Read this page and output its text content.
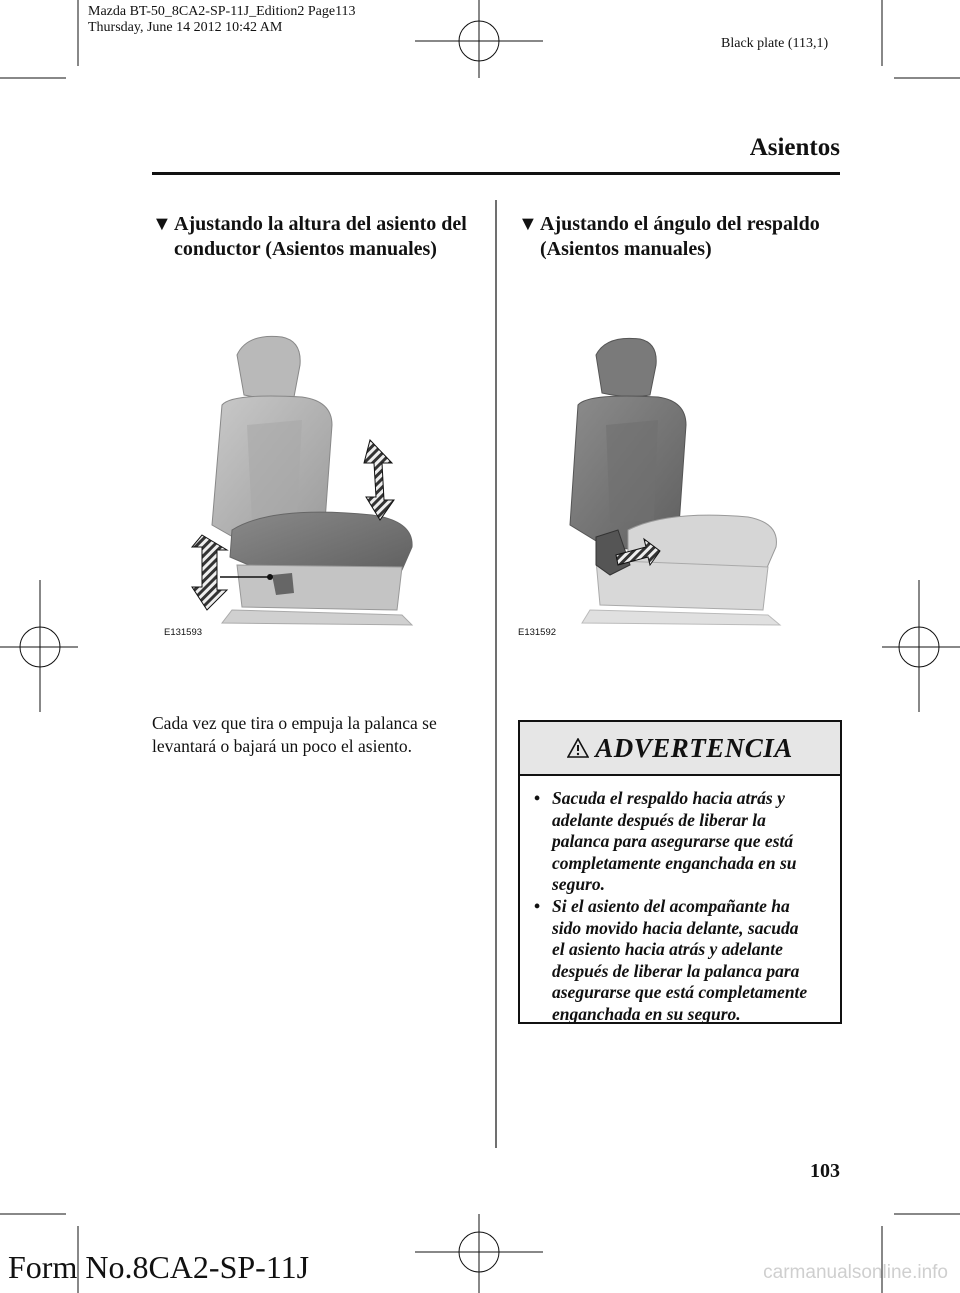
Mazda BT-50_8CA2-SP-11J_Edition2 Page113
Thursday, June 14 2012 10:42 AM
Black plate (113,1)
Asientos
▼ Ajustando la altura del asiento del
conductor (Asientos manuales)
E131593
Cada vez que tira o empuja la palanca se
levantará o bajará un poco el asiento.
▼ Ajustando el ángulo del respaldo
(Asientos manuales)
E131592
ADVERTENCIA
• Sacuda el respaldo hacia atrás y
adelante después de liberar la
palanca para asegurarse que está
completamente enganchada en su
seguro.
• Si el asiento del acompañante ha
sido movido hacia delante, sacuda
el asiento hacia atrás y adelante
después de liberar la palanca para
asegurarse que está completamente
enganchada en su seguro.
103
Form No.8CA2-SP-11J	carmanualsonline.info
